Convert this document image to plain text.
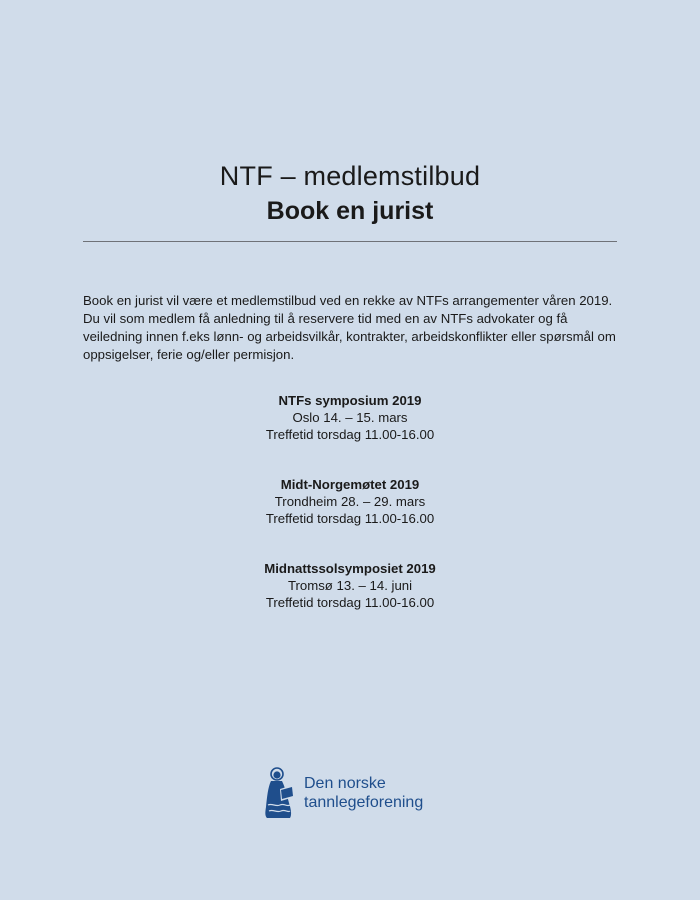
NTF – medlemstilbud
Book en jurist

Book en jurist vil være et medlemstilbud ved en rekke av NTFs arrangementer våren 2019. Du vil som medlem få anledning til å reservere tid med en av NTFs advokater og få veiledning innen f.eks lønn- og arbeidsvilkår, kontrakter, arbeidskonflikter eller spørsmål om oppsigelser, ferie og/eller permisjon.

NTFs symposium 2019
Oslo 14. – 15. mars
Treffetid torsdag 11.00-16.00
Midt-Norgemøtet 2019
Trondheim 28. – 29. mars
Treffetid torsdag 11.00-16.00
Midnattssolsymposiet 2019
Tromsø 13. – 14. juni
Treffetid torsdag 11.00-16.00
Den norske
tannlegeforening
